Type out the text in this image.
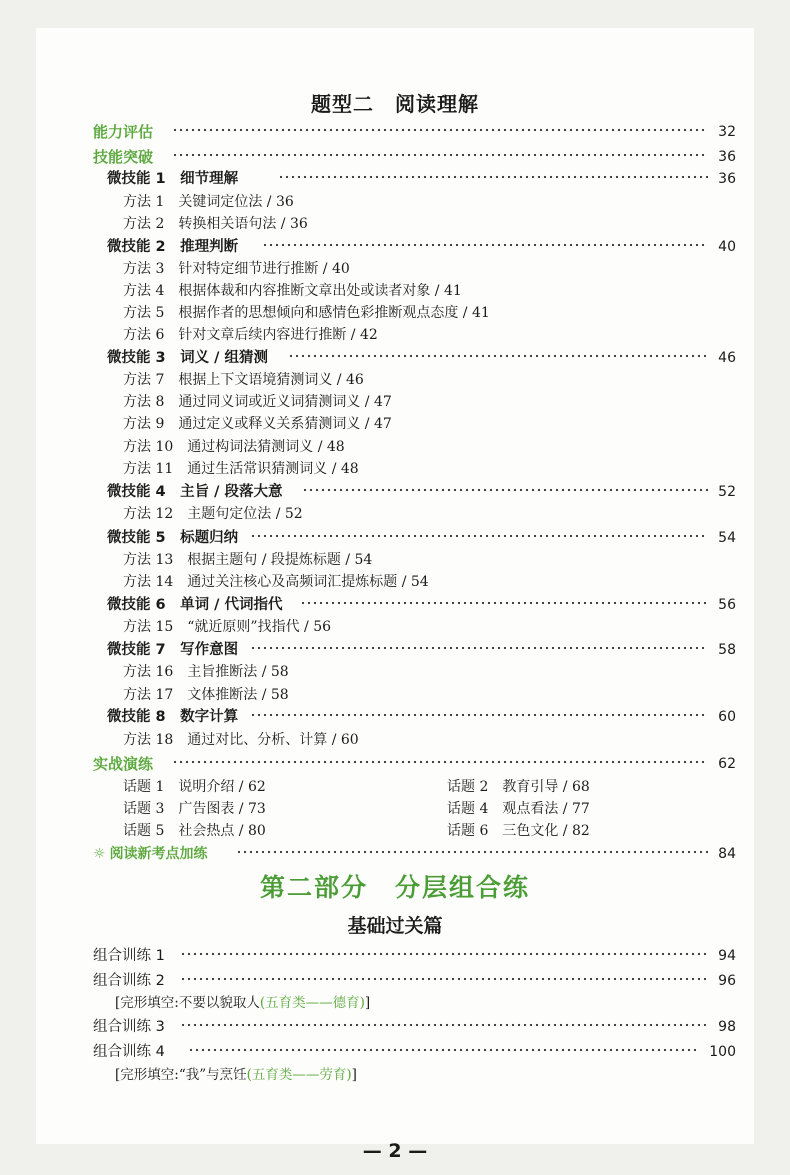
题型二　阅读理解
能力评估	32
技能突破	36
微技能 1　细节理解	36
方法 1　关键词定位法 / 36
方法 2　转换相关语句法 / 36
微技能 2　推理判断	40
方法 3　针对特定细节进行推断 / 40
方法 4　根据体裁和内容推断文章出处或读者对象 / 41
方法 5　根据作者的思想倾向和感情色彩推断观点态度 / 41
方法 6　针对文章后续内容进行推断 / 42
微技能 3　词义 / 组猜测	46
方法 7　根据上下文语境猜测词义 / 46
方法 8　通过同义词或近义词猜测词义 / 47
方法 9　通过定义或释义关系猜测词义 / 47
方法 10　通过构词法猜测词义 / 48
方法 11　通过生活常识猜测词义 / 48
微技能 4　主旨 / 段落大意	52
方法 12　主题句定位法 / 52
微技能 5　标题归纳	54
方法 13　根据主题句 / 段提炼标题 / 54
方法 14　通过关注核心及高频词汇提炼标题 / 54
微技能 6　单词 / 代词指代	56
方法 15　“就近原则”找指代 / 56
微技能 7　写作意图	58
方法 16　主旨推断法 / 58
方法 17　文体推断法 / 58
微技能 8　数字计算	60
方法 18　通过对比、分析、计算 / 60
实战演练	62
话题 1　说明介绍 / 62	话题 2　教育引导 / 68
话题 3　广告图表 / 73	话题 4　观点看法 / 77
话题 5　社会热点 / 80	话题 6　三色文化 / 82
☼ 阅读新考点加练	84
第二部分　分层组合练
基础过关篇
组合训练 1	94
组合训练 2	96
[完形填空:不要以貌取人(五育类——德育)]
组合训练 3	98
组合训练 4	100
[完形填空:“我”与烹饪(五育类——劳育)]
— 2 —
